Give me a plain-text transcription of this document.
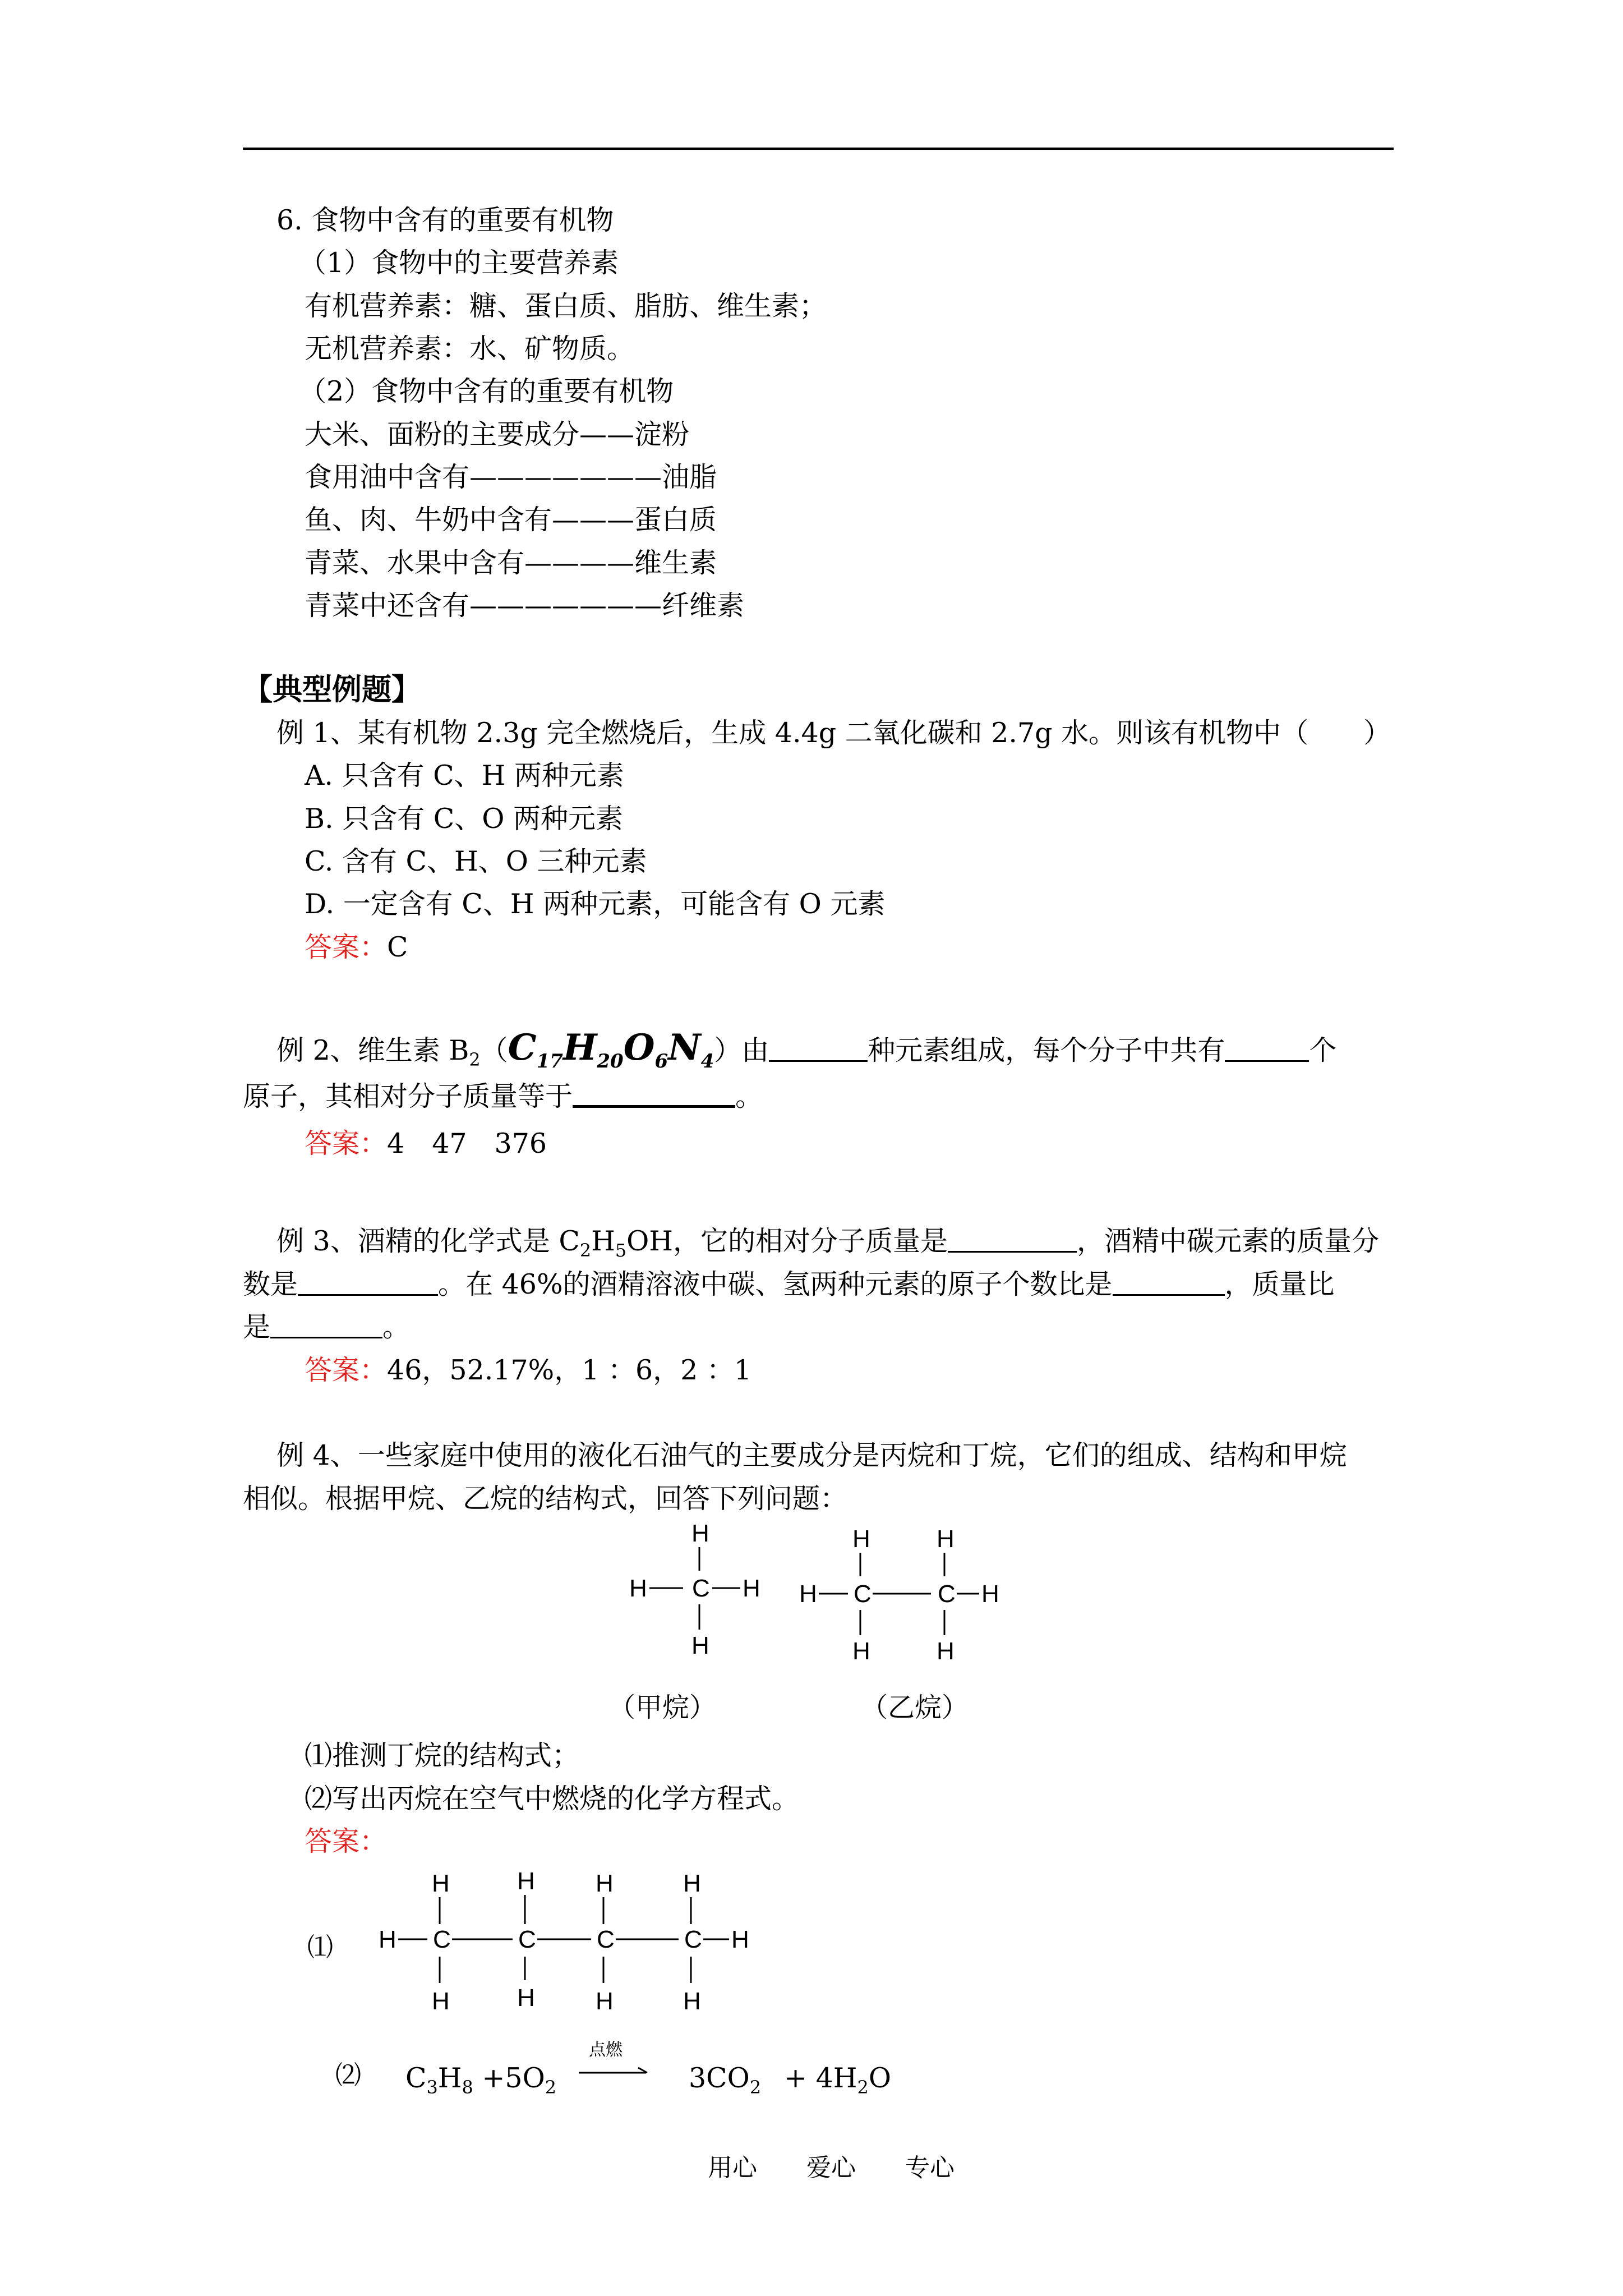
6. 食物中含有的重要有机物
（1）食物中的主要营养素
有机营养素：糖、蛋白质、脂肪、维生素；
无机营养素：水、矿物质。
（2）食物中含有的重要有机物
大米、面粉的主要成分——淀粉
食用油中含有———————油脂
鱼、肉、牛奶中含有———蛋白质
青菜、水果中含有————维生素
青菜中还含有———————纤维素
【典型例题】
例 1、某有机物 2.3g 完全燃烧后，生成 4.4g 二氧化碳和 2.7g 水。则该有机物中（　　）
A. 只含有 C、H 两种元素
B. 只含有 C、O 两种元素
C. 含有 C、H、O 三种元素
D. 一定含有 C、H 两种元素，可能含有 O 元素
答案：C
例 2、维生素 $B_2(C_{17}H_{20}O_6N_4)$由	种元素组成，每个分子中共有	个
原子，其相对分子质量等于	。
答案：4　47　376
例 3、酒精的化学式是 $C_2H_5OH$，它的相对分子质量是	，酒精中碳元素的质量分
数是	。在 46%的酒精溶液中碳、氢两种元素的原子个数比是	，质量比
是	。
答案：46，52.17%，1 ：6，2 ：1
例 4、一些家庭中使用的液化石油气的主要成分是丙烷和丁烷，它们的组成、结构和甲烷
相似。根据甲烷、乙烷的结构式，回答下列问题：
H
H C H
H
H	H
H C	C H
H	H
（甲烷）	（乙烷）
⑴推测丁烷的结构式；
⑵写出丙烷在空气中燃烧的化学方程式。
答案：
⑴
H	H H	H
H C	C C	C H
H	H H	H
⑵ $C_3H_8 +5O_2$
点燃
$3CO_2 + 4H_2O$
用心　　爱心　　专心
